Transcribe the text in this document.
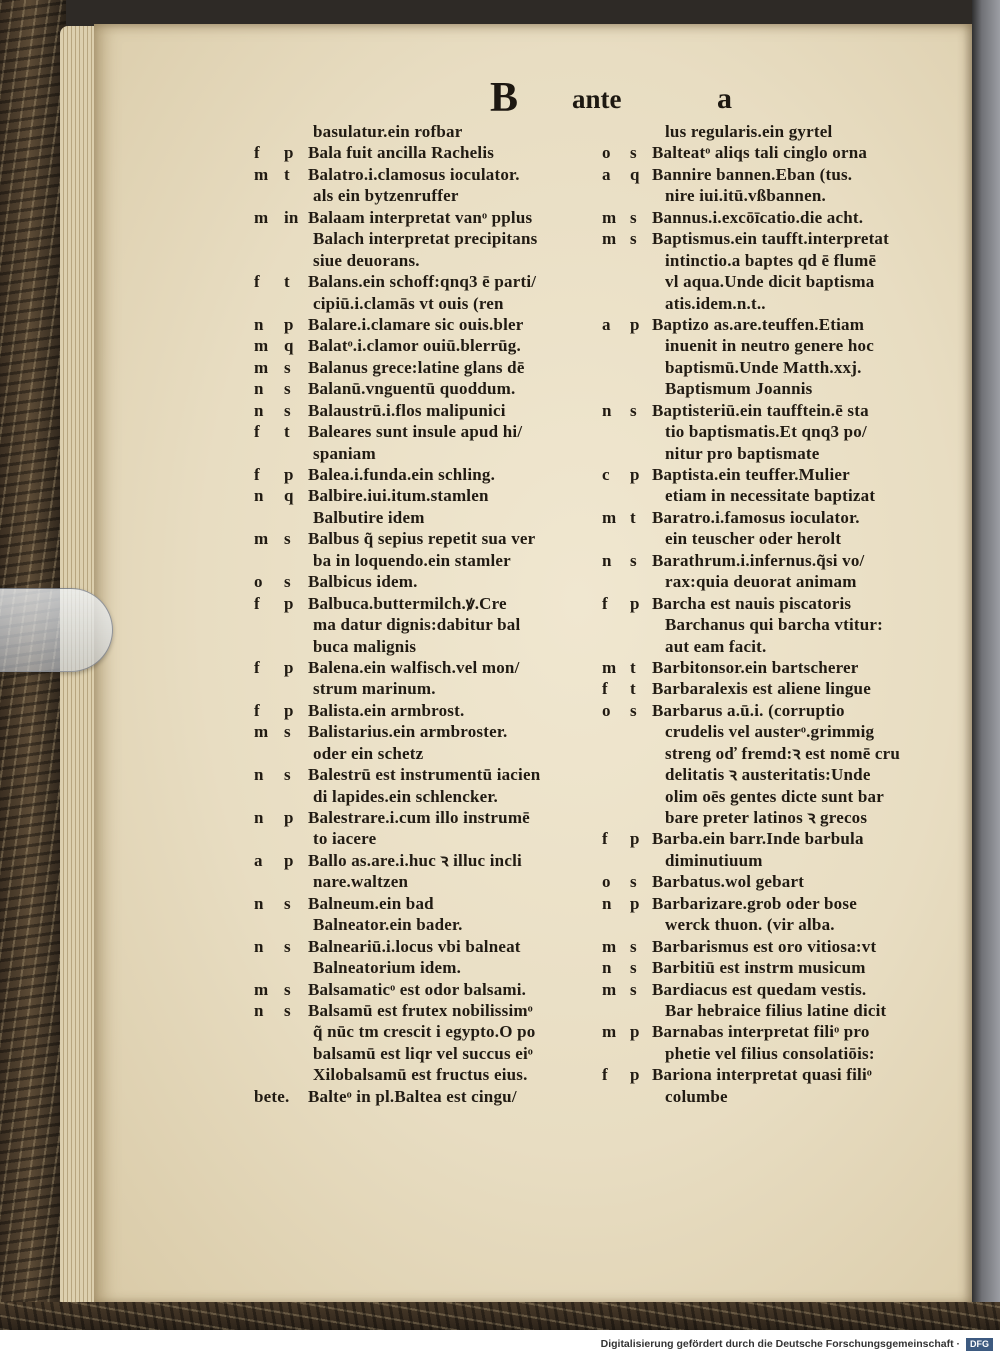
B ante	a
basulatur.ein rofbar
f	p Bala fuit ancilla Rachelis
m t	Balatro.i.clamosus ioculator.
als ein bytzenruffer
m in Balaam interpretat vanᵒ pplus
Balach interpretat precipitans
siue deuorans.
f	t	Balans.ein schoff:qnq3 ē parti/
cipiū.i.clamās vt ouis (ren
n	p Balare.i.clamare sic ouis.bler
m q Balatᵒ.i.clamor ouiū.blerrūg.
m s	Balanus grece:latine glans dē
n	s	Balanū.vnguentū quoddum.
n	s	Balaustrū.i.flos malipunici
f	t	Baleares sunt insule apud hi/
spaniam
f	p Balea.i.funda.ein schling.
n	q Balbire.iui.itum.stamlen
Balbutire idem
m s	Balbus q̃ sepius repetit sua ver
ba in loquendo.ein stamler
o	s	Balbicus idem.
f	p Balbuca.buttermilch.ꝟ.Cre
ma datur dignis:dabitur bal
buca malignis
f	p Balena.ein walfisch.vel mon/
strum marinum.
f	p Balista.ein armbrost.
m s	Balistarius.ein armbroster.
oder ein schetz
n	s	Balestrū est instrumentū iacien
di lapides.ein schlencker.
n	p Balestrare.i.cum illo instrumē
to iacere
a	p Ballo as.are.i.huc ꝛ illuc incli
nare.waltzen
n	s	Balneum.ein bad
Balneator.ein bader.
n	s	Balneariū.i.locus vbi balneat
Balneatorium idem.
m s	Balsamaticᵒ est odor balsami.
n	s	Balsamū est frutex nobilissimᵒ
q̃ nūc tm crescit i egypto.O po
balsamū est liqr vel succus eiᵒ
Xilobalsamū est fructus eius.
bete. Balteᵒ in pl.Baltea est cingu/
lus regularis.ein gyrtel
o	s Balteatᵒ aliqs tali cinglo orna
a	q Bannire bannen.Eban (tus.
nire iui.itū.vßbannen.
m s Bannus.i.excōīcatio.die acht.
m s Baptismus.ein taufft.interpretat
intinctio.a baptes qd ē flumē
vl aqua.Unde dicit baptisma
atis.idem.n.t..
a	p Baptizo as.are.teuffen.Etiam
inuenit in neutro genere hoc
baptismū.Unde Matth.xxj.
Baptismum Joannis
n	s Baptisteriū.ein taufftein.ē sta
tio baptismatis.Et qnq3 po/
nitur pro baptismate
c	p Baptista.ein teuffer.Mulier
etiam in necessitate baptizat
m t Baratro.i.famosus ioculator.
ein teuscher oder herolt
n	s Barathrum.i.infernus.q̃si vo/
rax:quia deuorat animam
f	p Barcha est nauis piscatoris
Barchanus qui barcha vtitur:
aut eam facit.
m t Barbitonsor.ein bartscherer
f	t Barbaralexis est aliene lingue
o	s Barbarus a.ū.i. (corruptio
crudelis vel austerᵒ.grimmig
streng oď fremd:ꝛ est nomē cru
delitatis ꝛ austeritatis:Unde
olim oēs gentes dicte sunt bar
bare preter latinos ꝛ grecos
f	p Barba.ein barr.Inde barbula
diminutiuum
o	s Barbatus.wol gebart
n	p Barbarizare.grob oder bose
werck thuon. (vir alba.
m s Barbarismus est oro vitiosa:vt
n	s Barbitiū est instrm musicum
m s Bardiacus est quedam vestis.
Bar hebraice filius latine dicit
m p Barnabas interpretat filiᵒ pro
phetie vel filius consolatiōis:
f	p Bariona interpretat quasi filiᵒ
columbe
Digitalisierung gefördert durch die Deutsche Forschungsgemeinschaft ·	DFG
